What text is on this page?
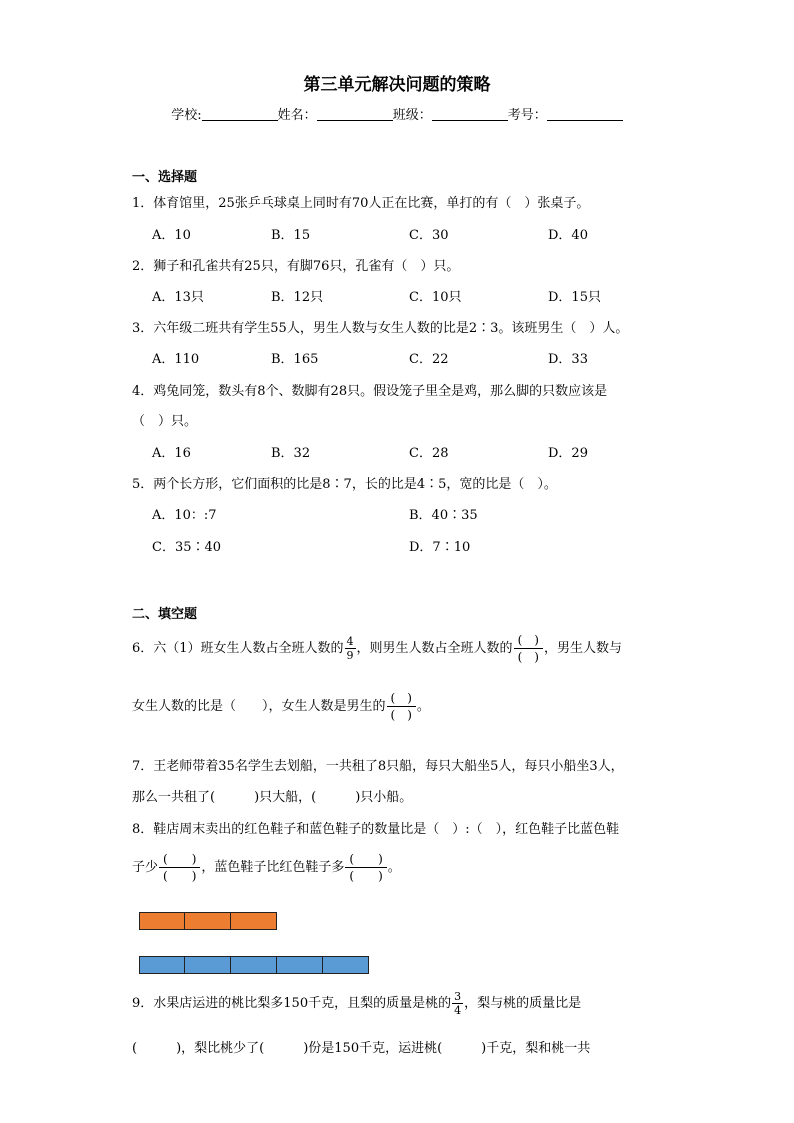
第三单元解决问题的策略
学校:	姓名：	班级：	考号：
一、选择题
1．体育馆里，25张乒乓球桌上同时有70人正在比赛，单打的有（　）张桌子。
A．10	B．15	C．30	D．40
2．狮子和孔雀共有25只，有脚76只，孔雀有（　）只。
A．13只	B．12只	C．10只	D．15只
3．六年级二班共有学生55人，男生人数与女生人数的比是2∶3。该班男生（　）人。
A．110	B．165	C．22	D．33
4．鸡兔同笼，数头有8个、数脚有28只。假设笼子里全是鸡，那么脚的只数应该是
（　）只。
A．16	B．32	C．28	D．29
5．两个长方形，它们面积的比是8∶7，长的比是4∶5，宽的比是（　）。
A．10：:7	B．40∶35
C．35∶40	D．7∶10
二、填空题
6．六（1）班女生人数占全班人数的 $\frac{4}{9}$ ，则男生人数占全班人数的 $\frac{( )}{( )}$ ，男生人数与
女生人数的比是（　　），女生人数是男生的 $\frac{( )}{( )}$ 。
7．王老师带着35名学生去划船，一共租了8只船，每只大船坐5人，每只小船坐3人，
那么一共租了(　　　)只大船，(　　　)只小船。
8．鞋店周末卖出的红色鞋子和蓝色鞋子的数量比是（　）:（　），红色鞋子比蓝色鞋
子少 $\frac{( )}{( )}$ ，蓝色鞋子比红色鞋子多 $\frac{( )}{( )}$ 。
9．水果店运进的桃比梨多150千克，且梨的质量是桃的 $\frac{3}{4}$ ，梨与桃的质量比是
(　　　)，梨比桃少了(　　　)份是150千克，运进桃(　　　)千克，梨和桃一共
